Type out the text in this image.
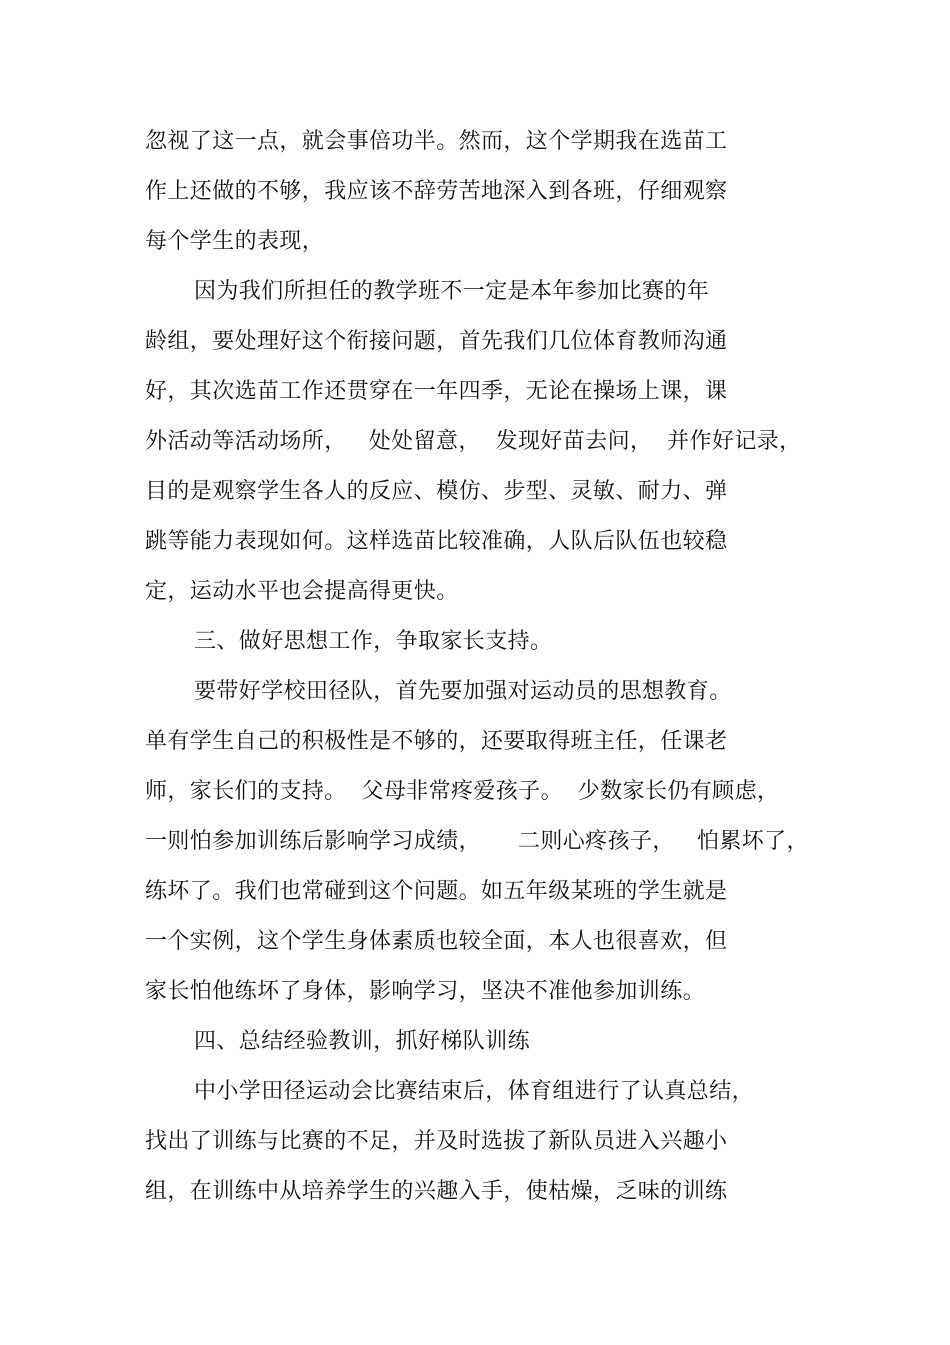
忽视了这一点，就会事倍功半。然而，这个学期我在选苗工
作上还做的不够，我应该不辞劳苦地深入到各班，仔细观察
每个学生的表现，
因为我们所担任的教学班不一定是本年参加比赛的年
龄组，要处理好这个衔接问题，首先我们几位体育教师沟通
好，其次选苗工作还贯穿在一年四季，无论在操场上课，课
外活动等活动场所，   处处留意，  发现好苗去问，  并作好记录，
目的是观察学生各人的反应、模仿、步型、灵敏、耐力、弹
跳等能力表现如何。这样选苗比较准确，人队后队伍也较稳
定，运动水平也会提高得更快。
三、做好思想工作，争取家长支持。
要带好学校田径队，首先要加强对运动员的思想教育。
单有学生自己的积极性是不够的，还要取得班主任，任课老
师，家长们的支持。  父母非常疼爱孩子。  少数家长仍有顾虑，
一则怕参加训练后影响学习成绩，     二则心疼孩子，   怕累坏了，
练坏了。我们也常碰到这个问题。如五年级某班的学生就是
一个实例，这个学生身体素质也较全面，本人也很喜欢，但
家长怕他练坏了身体，影响学习，坚决不准他参加训练。
四、总结经验教训，抓好梯队训练
中小学田径运动会比赛结束后，体育组进行了认真总结，
找出了训练与比赛的不足，并及时选拔了新队员进入兴趣小
组，在训练中从培养学生的兴趣入手，使枯燥，乏味的训练
